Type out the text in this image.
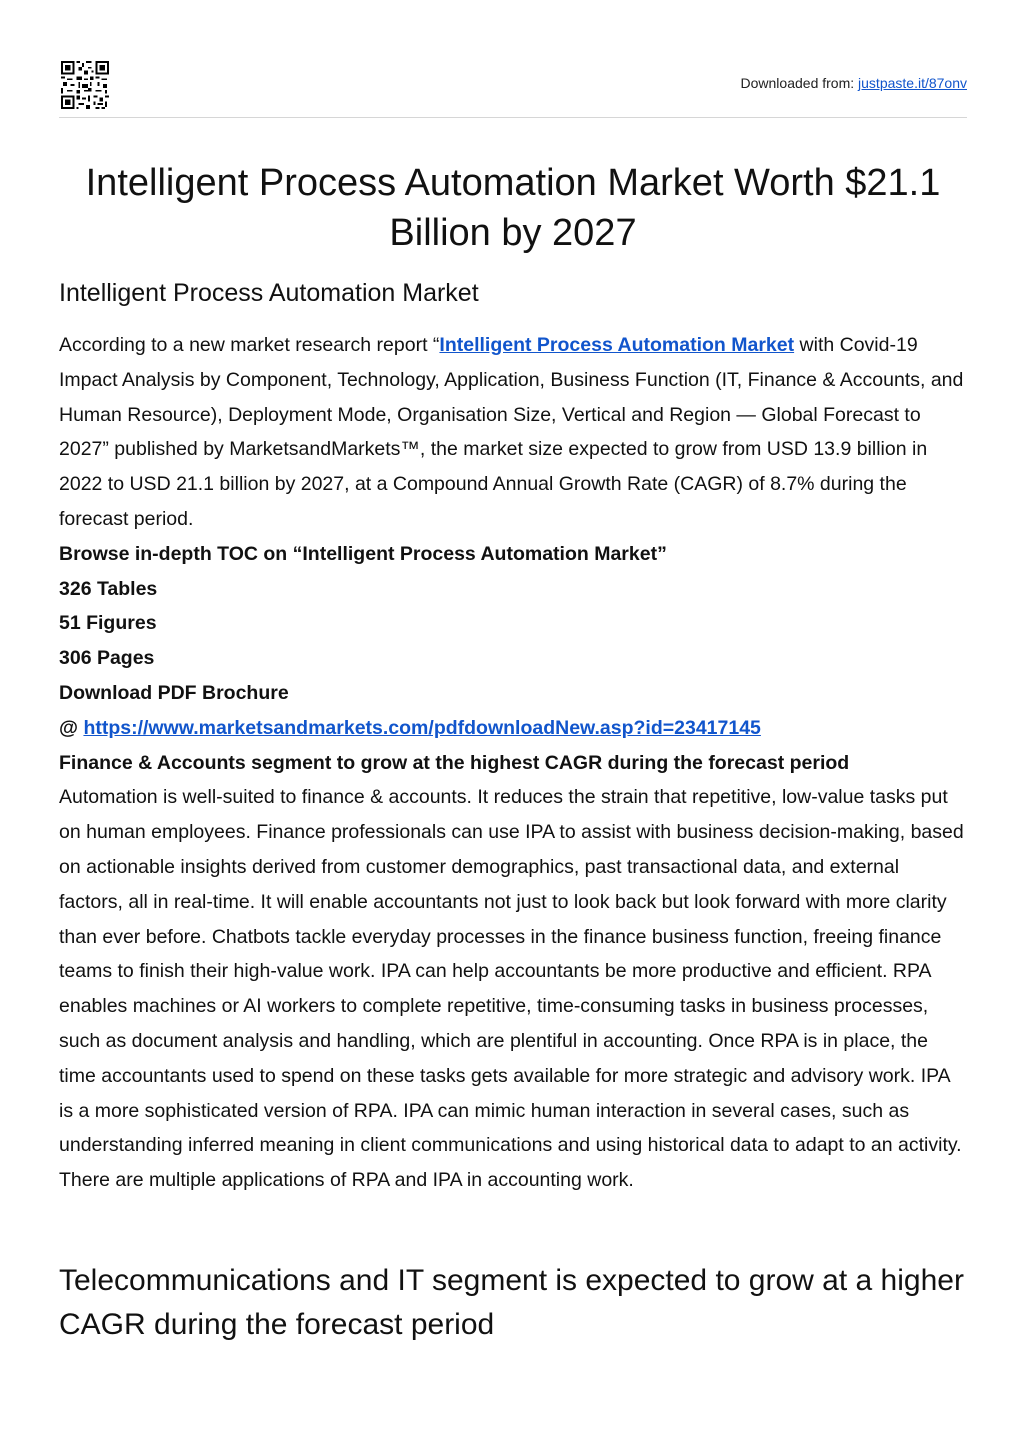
Downloaded from: justpaste.it/87onv
Intelligent Process Automation Market Worth $21.1 Billion by 2027
Intelligent Process Automation Market

According to a new market research report “Intelligent Process Automation Market with Covid-19 Impact Analysis by Component, Technology, Application, Business Function (IT, Finance & Accounts, and Human Resource), Deployment Mode, Organisation Size, Vertical and Region — Global Forecast to 2027” published by MarketsandMarkets™, the market size expected to grow from USD 13.9 billion in 2022 to USD 21.1 billion by 2027, at a Compound Annual Growth Rate (CAGR) of 8.7% during the forecast period.

Browse in-depth TOC on “Intelligent Process Automation Market”

326 Tables

51 Figures

306 Pages

Download PDF Brochure

@ https://www.marketsandmarkets.com/pdfdownloadNew.asp?id=23417145

Finance & Accounts segment to grow at the highest CAGR during the forecast period

Automation is well-suited to finance & accounts. It reduces the strain that repetitive, low-value tasks put on human employees. Finance professionals can use IPA to assist with business decision-making, based on actionable insights derived from customer demographics, past transactional data, and external factors, all in real-time. It will enable accountants not just to look back but look forward with more clarity than ever before. Chatbots tackle everyday processes in the finance business function, freeing finance teams to finish their high-value work. IPA can help accountants be more productive and efficient. RPA enables machines or AI workers to complete repetitive, time-consuming tasks in business processes, such as document analysis and handling, which are plentiful in accounting. Once RPA is in place, the time accountants used to spend on these tasks gets available for more strategic and advisory work. IPA is a more sophisticated version of RPA. IPA can mimic human interaction in several cases, such as understanding inferred meaning in client communications and using historical data to adapt to an activity. There are multiple applications of RPA and IPA in accounting work.

Telecommunications and IT segment is expected to grow at a higher CAGR during the forecast period
